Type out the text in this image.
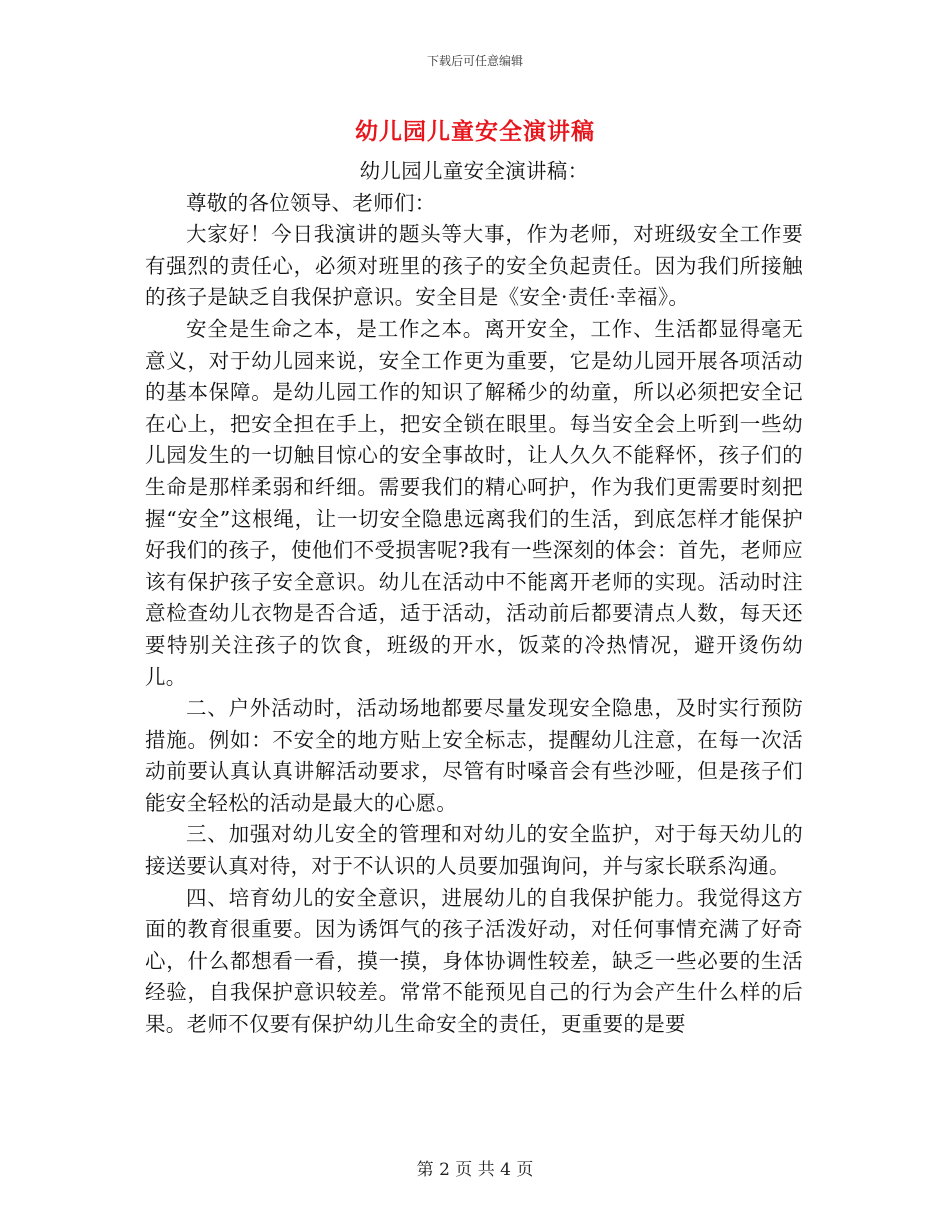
下载后可任意编辑
幼儿园儿童安全演讲稿

幼儿园儿童安全演讲稿：

尊敬的各位领导、老师们：

大家好！今日我演讲的题头等大事，作为老师，对班级安全工作要有强烈的责任心，必须对班里的孩子的安全负起责任。因为我们所接触的孩子是缺乏自我保护意识。安全目是《安全·责任·幸福》。

安全是生命之本，是工作之本。离开安全，工作、生活都显得毫无意义，对于幼儿园来说，安全工作更为重要，它是幼儿园开展各项活动的基本保障。是幼儿园工作的知识了解稀少的幼童，所以必须把安全记在心上，把安全担在手上，把安全锁在眼里。每当安全会上听到一些幼儿园发生的一切触目惊心的安全事故时，让人久久不能释怀，孩子们的生命是那样柔弱和纤细。需要我们的精心呵护，作为我们更需要时刻把握“安全”这根绳，让一切安全隐患远离我们的生活，到底怎样才能保护好我们的孩子，使他们不受损害呢?我有一些深刻的体会：首先，老师应该有保护孩子安全意识。幼儿在活动中不能离开老师的实现。活动时注意检查幼儿衣物是否合适，适于活动，活动前后都要清点人数，每天还要特别关注孩子的饮食，班级的开水，饭菜的冷热情况，避开烫伤幼儿。

二、户外活动时，活动场地都要尽量发现安全隐患，及时实行预防措施。例如：不安全的地方贴上安全标志，提醒幼儿注意，在每一次活动前要认真认真讲解活动要求，尽管有时嗓音会有些沙哑，但是孩子们能安全轻松的活动是最大的心愿。

三、加强对幼儿安全的管理和对幼儿的安全监护，对于每天幼儿的接送要认真对待，对于不认识的人员要加强询问，并与家长联系沟通。

四、培育幼儿的安全意识，进展幼儿的自我保护能力。我觉得这方面的教育很重要。因为诱饵气的孩子活泼好动，对任何事情充满了好奇心，什么都想看一看，摸一摸，身体协调性较差，缺乏一些必要的生活经验，自我保护意识较差。常常不能预见自己的行为会产生什么样的后果。老师不仅要有保护幼儿生命安全的责任，更重要的是要

第 2 页 共 4 页
